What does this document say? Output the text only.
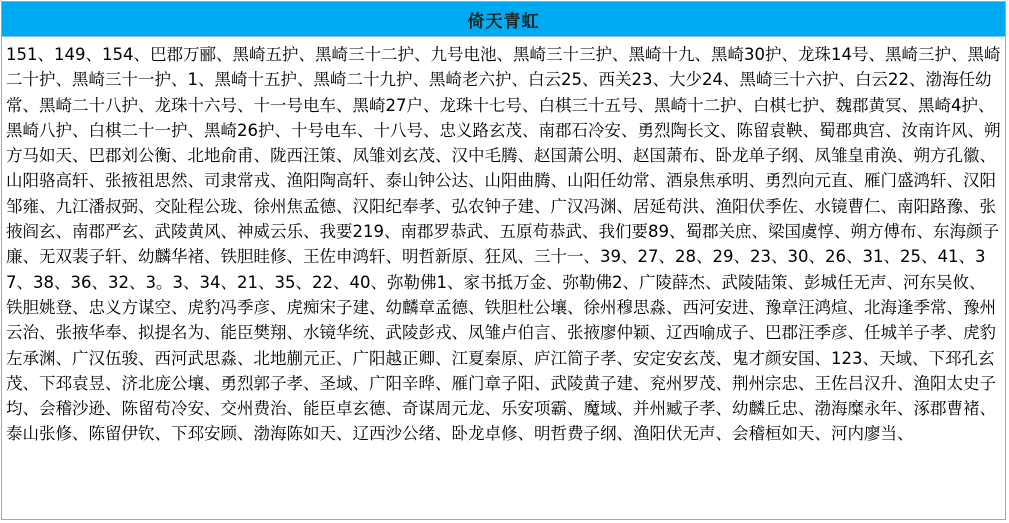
倚天青虹
151、149、154、巴郡万郦、黑崎五护、黑崎三十二护、九号电池、黑崎三十三护、黑崎十九、黑崎30护、龙珠14号、黑崎三护、黑崎二十护、黑崎三十一护、1、黑崎十五护、黑崎二十九护、黑崎老六护、白云25、西关23、大少24、黑崎三十六护、白云22、渤海任幼常、黑崎二十八护、龙珠十六号、十一号电车、黑崎27户、龙珠十七号、白棋三十五号、黑崎十二护、白棋七护、魏郡黄冥、黑崎4护、黑崎八护、白棋二十一护、黑崎26护、十号电车、十八号、忠义路玄茂、南郡石冷安、勇烈陶长文、陈留袁鞅、蜀郡典宫、汝南许风、朔方马如天、巴郡刘公衡、北地俞甫、陇西汪策、凤雏刘玄茂、汉中毛腾、赵国萧公明、赵国萧布、卧龙单子纲、凤雏皇甫涣、朔方孔徽、山阳骆高轩、张掖祖思然、司隶常戎、渔阳陶高轩、泰山钟公达、山阳曲腾、山阳任幼常、酒泉焦承明、勇烈向元直、雁门盛鸿轩、汉阳邹雍、九江潘叔弼、交阯程公珑、徐州焦孟德、汉阳纪奉孝、弘农钟子建、广汉冯渊、居延苟洪、渔阳伏季佐、水镜曹仁、南阳路豫、张掖阎玄、南郡严玄、武陵黄风、神威云乐、我要219、南郡罗恭武、五原苟恭武、我们要89、蜀郡关庶、梁国虞惇、朔方傅布、东海颜子廉、无双裴子轩、幼麟华褚、铁胆眭修、王佐申鸿轩、明哲新原、狂风、三十一、39、27、28、29、23、30、26、31、25、41、37、38、36、32、3。3、34、21、35、22、40、弥勒佛1、家书抵万金、弥勒佛2、广陵薛杰、武陵陆策、彭城任无声、河东吴攸、铁胆姚登、忠义方谋空、虎豹冯季彦、虎痴宋子建、幼麟章孟德、铁胆杜公壤、徐州穆思淼、西河安进、豫章汪鸿煊、北海逢季常、豫州云治、张掖华奉、拟提名为、能臣樊翔、水镜华统、武陵彭戎、凤雏卢伯言、张掖廖仲颖、辽西喻成子、巴郡汪季彦、任城羊子孝、虎豹左承渊、广汉伍骏、西河武思淼、北地蒯元正、广阳越正卿、江夏秦原、庐江简子孝、安定安玄茂、鬼才颜安国、123、天域、下邳孔玄茂、下邳袁昱、济北庞公壤、勇烈郭子孝、圣域、广阳辛晔、雁门章子阳、武陵黄子建、兖州罗茂、荆州宗忠、王佐吕汉升、渔阳太史子均、会稽沙逊、陈留苟冷安、交州费治、能臣卓玄德、奇谋周元龙、乐安项霸、魔域、并州臧子孝、幼麟丘忠、渤海糜永年、涿郡曹褚、泰山张修、陈留伊钦、下邳安顾、渤海陈如天、辽西沙公绪、卧龙卓修、明哲费子纲、渔阳伏无声、会稽桓如天、河内廖当、
